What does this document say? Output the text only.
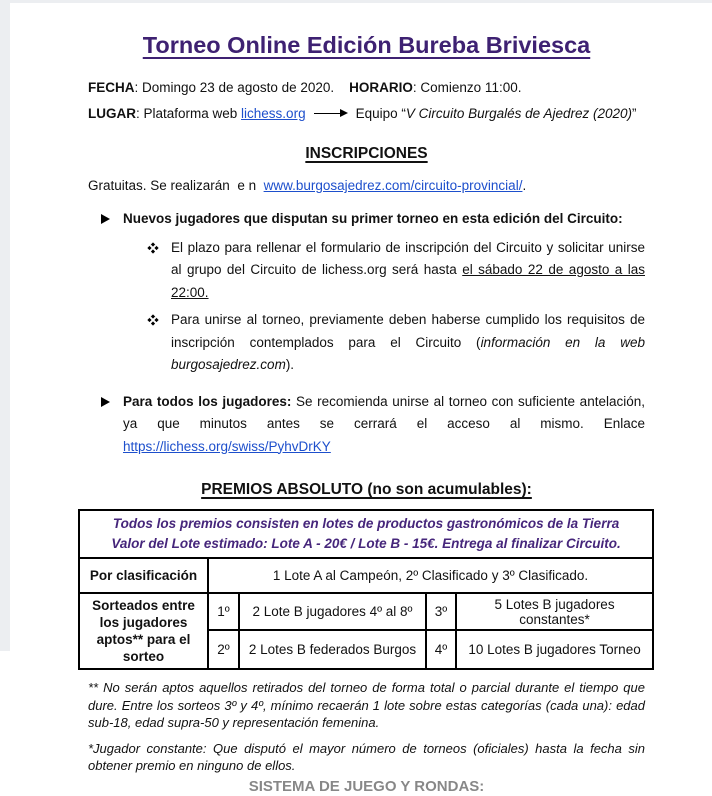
Torneo Online Edición Bureba Briviesca

FECHA: Domingo 23 de agosto de 2020. HORARIO: Comienzo 11:00.

LUGAR: Plataforma web lichess.org	Equipo “V Circuito Burgalés de Ajedrez (2020)”

INSCRIPCIONES

Gratuitas. Se realizarán  e n  www.burgosajedrez.com/circuito-provincial/.

Nuevos jugadores que disputan su primer torneo en esta edición del Circuito:
El plazo para rellenar el formulario de inscripción del Circuito y solicitar unirse al grupo del Circuito de lichess.org será hasta el sábado 22 de agosto a las 22:00.
Para unirse al torneo, previamente deben haberse cumplido los requisitos de inscripción contemplados para el Circuito (información en la web burgosajedrez.com).
Para todos los jugadores: Se recomienda unirse al torneo con suficiente antelación, ya que minutos antes se cerrará el acceso al mismo. Enlace https://lichess.org/swiss/PyhvDrKY
PREMIOS ABSOLUTO (no son acumulables):
Todos los premios consisten en lotes de productos gastronómicos de la Tierra
Valor del Lote estimado: Lote A - 20€ / Lote B - 15€. Entrega al finalizar Circuito.				

Por clasificación	1 Lote A al Campeón, 2º Clasificado y 3º Clasificado.			
Sorteados entre los jugadores aptos** para el sorteo	1º	2 Lote B jugadores 4º al 8º	3º	5 Lotes B jugadores constantes*
	2º	2 Lotes B federados Burgos	4º	10 Lotes B jugadores Torneo

** No serán aptos aquellos retirados del torneo de forma total o parcial durante el tiempo que dure. Entre los sorteos 3º y 4º, mínimo recaerán 1 lote sobre estas categorías (cada una): edad sub-18, edad supra-50 y representación femenina.

*Jugador constante: Que disputó el mayor número de torneos (oficiales) hasta la fecha sin obtener premio en ninguno de ellos.

SISTEMA DE JUEGO Y RONDAS:
